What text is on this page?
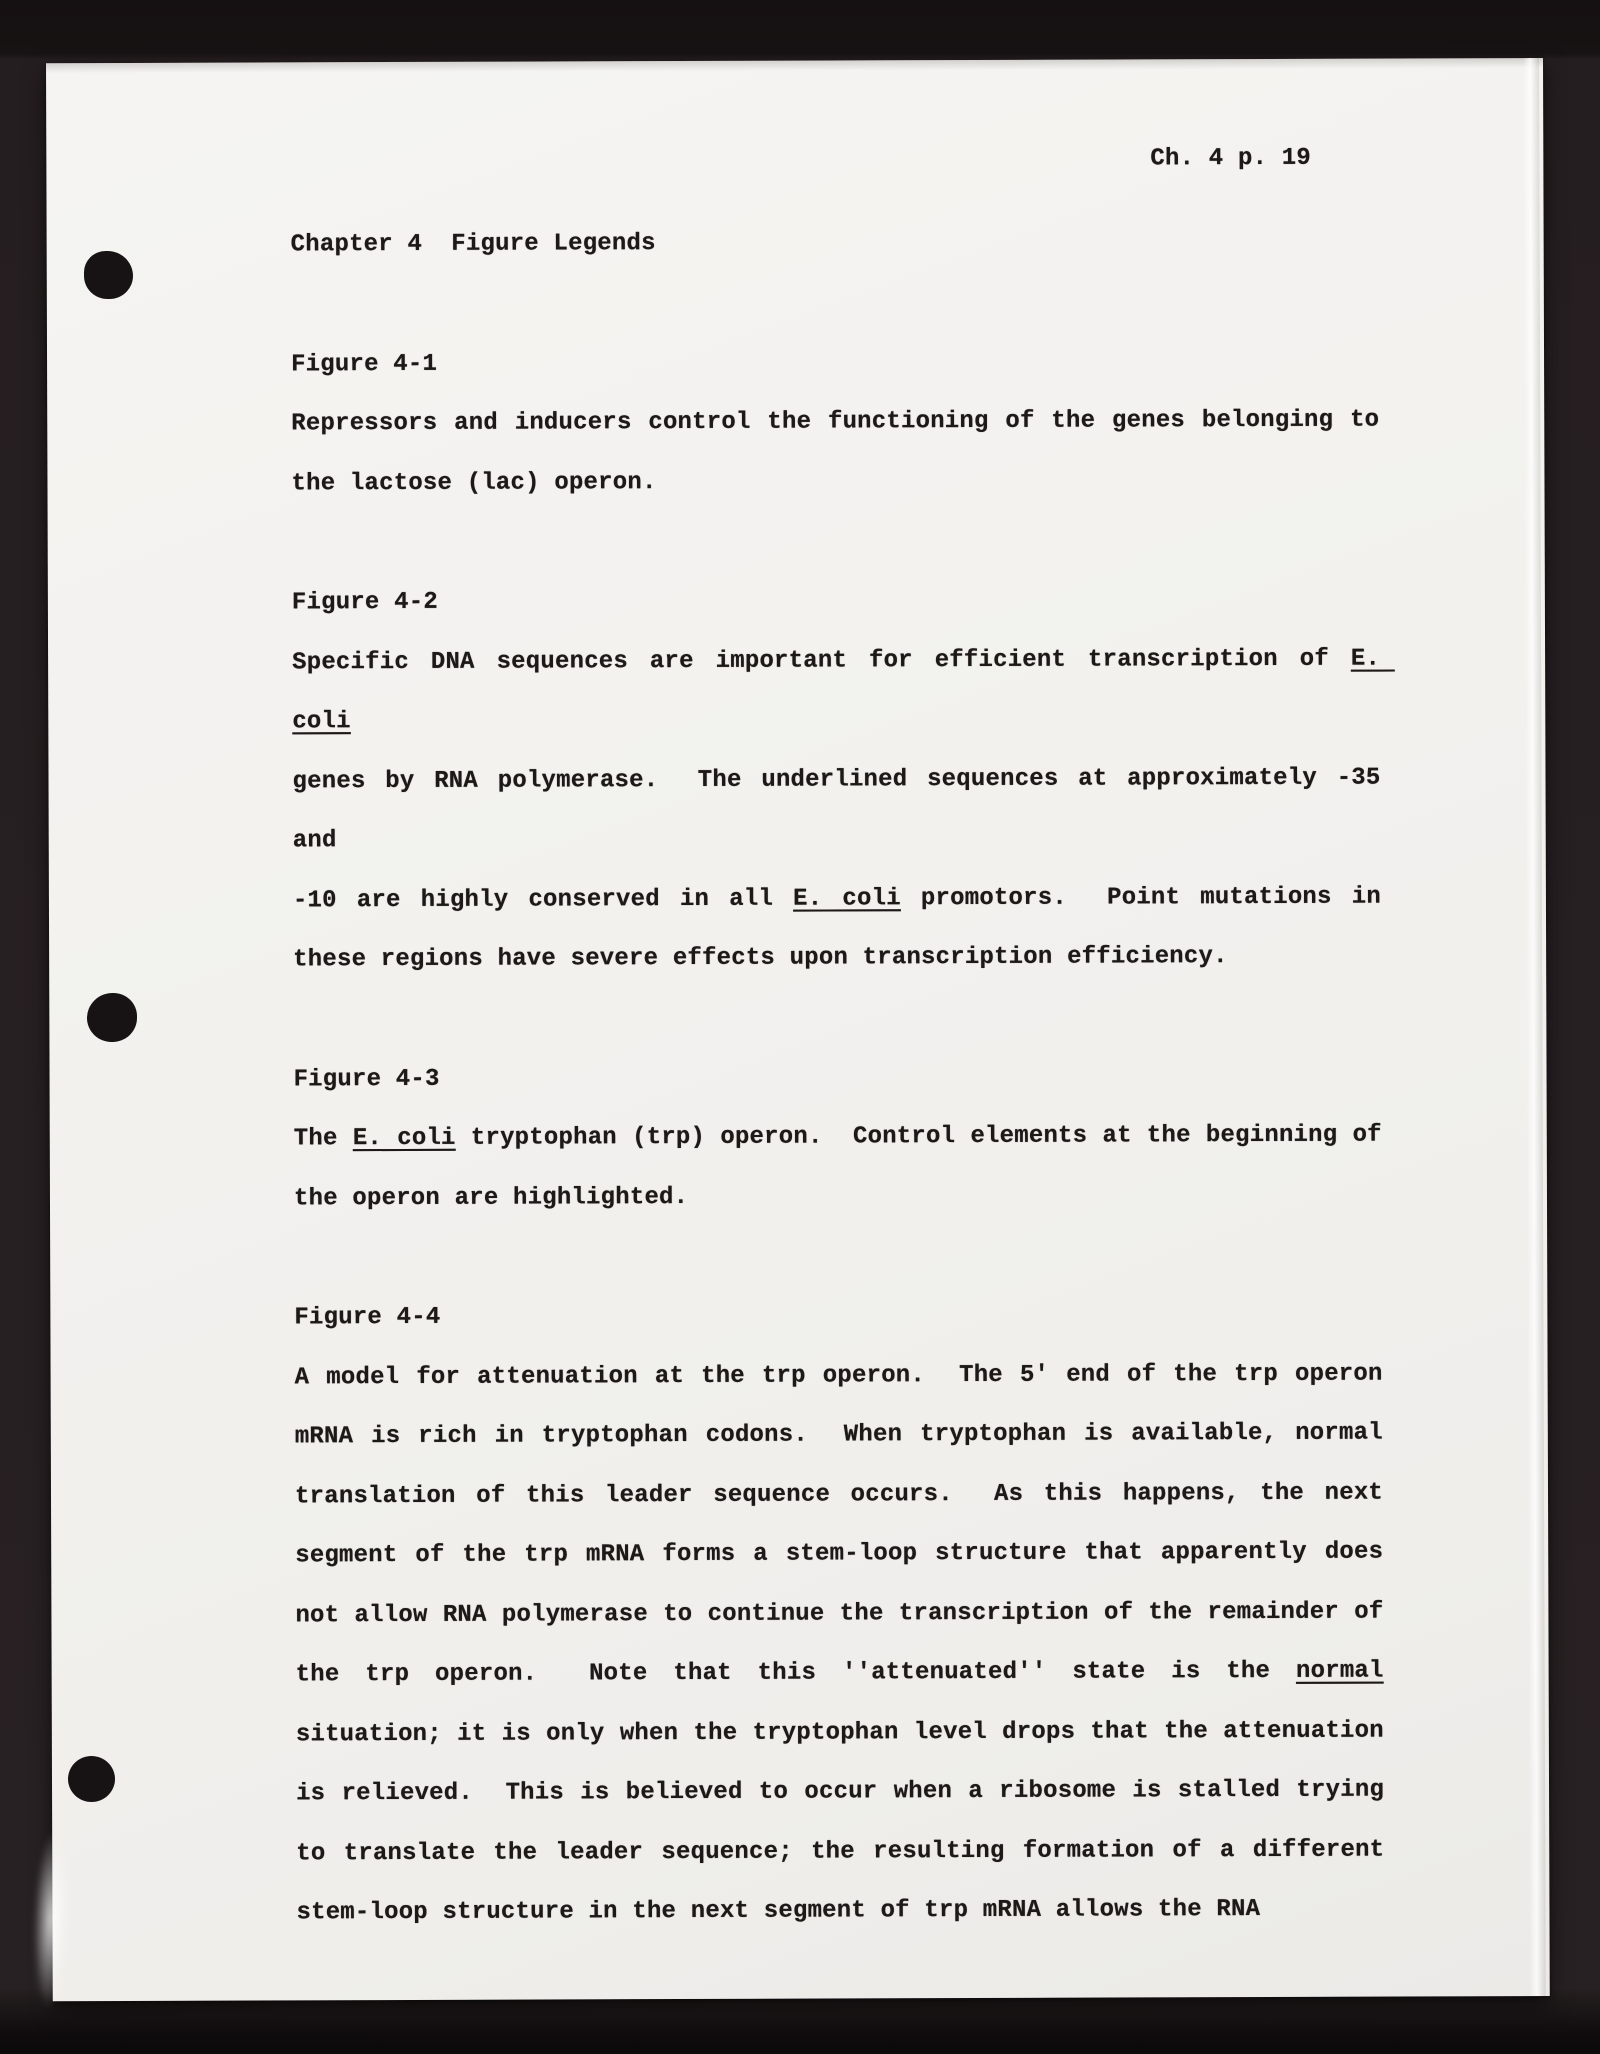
Ch. 4 p. 19
Chapter 4  Figure Legends
Figure 4-1
Repressors and inducers control the functioning of the genes belonging to
the lactose (lac) operon.
Figure 4-2
Specific DNA sequences are important for efficient transcription of E. coli
genes by RNA polymerase.  The underlined sequences at approximately -35 and
-10 are highly conserved in all E. coli promotors.  Point mutations in
these regions have severe effects upon transcription efficiency.
Figure 4-3
The E. coli tryptophan (trp) operon.  Control elements at the beginning of
the operon are highlighted.
Figure 4-4
A model for attenuation at the trp operon.  The 5' end of the trp operon
mRNA is rich in tryptophan codons.  When tryptophan is available, normal
translation of this leader sequence occurs.  As this happens, the next
segment of the trp mRNA forms a stem-loop structure that apparently does
not allow RNA polymerase to continue the transcription of the remainder of
the trp operon.  Note that this ''attenuated'' state is the normal
situation; it is only when the tryptophan level drops that the attenuation
is relieved.  This is believed to occur when a ribosome is stalled trying
to translate the leader sequence; the resulting formation of a different
stem-loop structure in the next segment of trp mRNA allows the RNA
